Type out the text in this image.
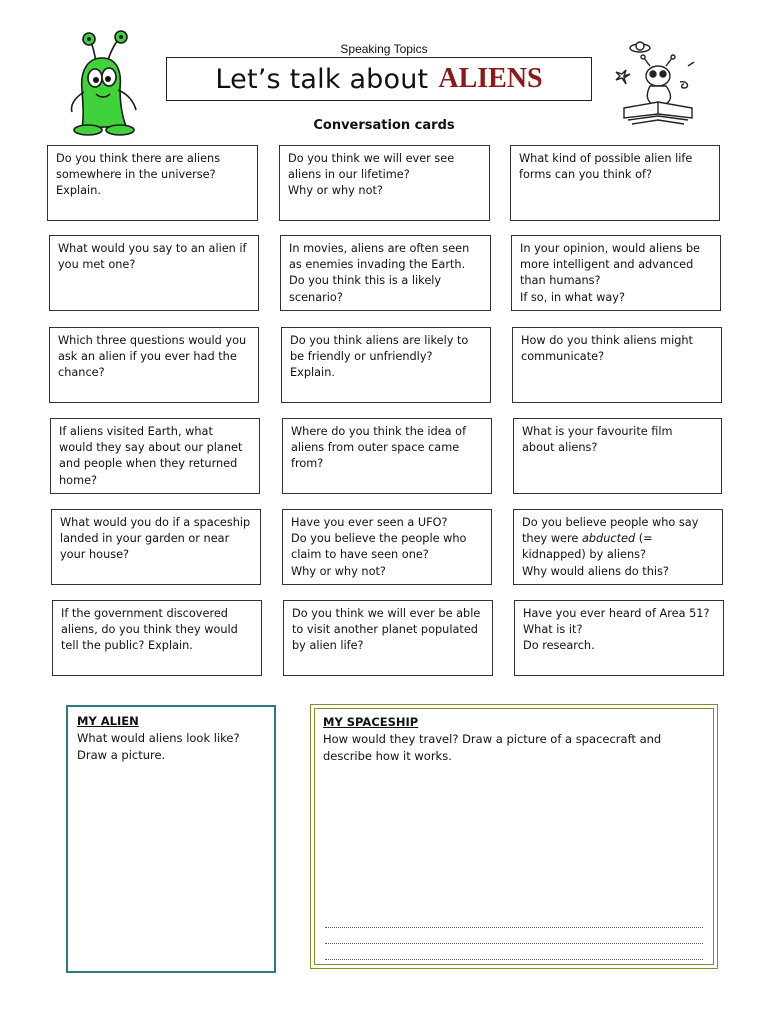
Speaking Topics
Let’s talk about ALIENS
Conversation cards
Do you think there are aliens
somewhere in the universe?
Explain.
Do you think we will ever see
aliens in our lifetime?
Why or why not?
What kind of possible alien life
forms can you think of?
What would you say to an alien if
you met one?
In movies, aliens are often seen
as enemies invading the Earth.
Do you think this is a likely
scenario?
In your opinion, would aliens be
more intelligent and advanced
than humans?
If so, in what way?
Which three questions would you
ask an alien if you ever had the
chance?
Do you think aliens are likely to
be friendly or unfriendly?
Explain.
How do you think aliens might
communicate?
If aliens visited Earth, what
would they say about our planet
and people when they returned
home?
Where do you think the idea of
aliens from outer space came
from?
What is your favourite film
about aliens?
What would you do if a spaceship
landed in your garden or near
your house?
Have you ever seen a UFO?
Do you believe the people who
claim to have seen one?
Why or why not?
Do you believe people who say
they were abducted (=
kidnapped) by aliens?
Why would aliens do this?
If the government discovered
aliens, do you think they would
tell the public? Explain.
Do you think we will ever be able
to visit another planet populated
by alien life?
Have you ever heard of Area 51?
What is it?
Do research.
MY ALIEN
What would aliens look like?
Draw a picture.
MY SPACESHIP
How would they travel? Draw a picture of a spacecraft and
describe how it works.
